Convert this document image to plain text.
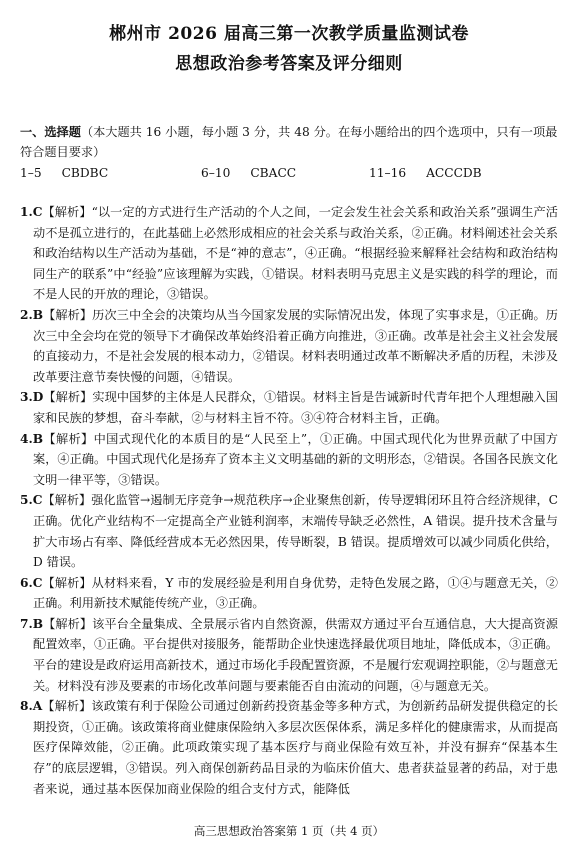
郴州市 2026 届高三第一次教学质量监测试卷
思想政治参考答案及评分细则
一、选择题（本大题共 16 小题，每小题 3 分，共 48 分。在每小题给出的四个选项中，只有一项最符合题目要求）
1–5 CBDBC	6–10 CBACC	11–16 ACCCDB

1.C【解析】“以一定的方式进行生产活动的个人之间，一定会发生社会关系和政治关系”强调生产活动不是孤立进行的，在此基础上必然形成相应的社会关系与政治关系，②正确。材料阐述社会关系和政治结构以生产活动为基础，不是“神的意志”，④正确。“根据经验来解释社会结构和政治结构同生产的联系”中“经验”应该理解为实践，①错误。材料表明马克思主义是实践的科学的理论，而不是人民的开放的理论，③错误。

2.B【解析】历次三中全会的决策均从当今国家发展的实际情况出发，体现了实事求是，①正确。历次三中全会均在党的领导下才确保改革始终沿着正确方向推进，③正确。改革是社会主义社会发展的直接动力，不是社会发展的根本动力，②错误。材料表明通过改革不断解决矛盾的历程，未涉及改革要注意节奏快慢的问题，④错误。

3.D【解析】实现中国梦的主体是人民群众，①错误。材料主旨是告诫新时代青年把个人理想融入国家和民族的梦想，奋斗奉献，②与材料主旨不符。③④符合材料主旨，正确。

4.B【解析】中国式现代化的本质目的是“人民至上”，①正确。中国式现代化为世界贡献了中国方案，④正确。中国式现代化是扬弃了资本主义文明基础的新的文明形态，②错误。各国各民族文化文明一律平等，③错误。

5.C【解析】强化监管→遏制无序竞争→规范秩序→企业聚焦创新，传导逻辑闭环且符合经济规律，C 正确。优化产业结构不一定提高全产业链利润率，末端传导缺乏必然性，A 错误。提升技术含量与扩大市场占有率、降低经营成本无必然因果，传导断裂，B 错误。提质增效可以减少同质化供给，D 错误。

6.C【解析】从材料来看，Y 市的发展经验是利用自身优势，走特色发展之路，①④与题意无关，②正确。利用新技术赋能传统产业，③正确。

7.B【解析】该平台全量集成、全景展示省内自然资源，供需双方通过平台互通信息，大大提高资源配置效率，①正确。平台提供对接服务，能帮助企业快速选择最优项目地址，降低成本，③正确。平台的建设是政府运用高新技术，通过市场化手段配置资源，不是履行宏观调控职能，②与题意无关。材料没有涉及要素的市场化改革问题与要素能否自由流动的问题，④与题意无关。

8.A【解析】该政策有利于保险公司通过创新药投资基金等多种方式，为创新药品研发提供稳定的长期投资，①正确。该政策将商业健康保险纳入多层次医保体系，满足多样化的健康需求，从而提高医疗保障效能，②正确。此项政策实现了基本医疗与商业保险有效互补，并没有摒弃“保基本生存”的底层逻辑，③错误。列入商保创新药品目录的为临床价值大、患者获益显著的药品，对于患者来说，通过基本医保加商业保险的组合支付方式，能降低

高三思想政治答案第 1 页（共 4 页）
